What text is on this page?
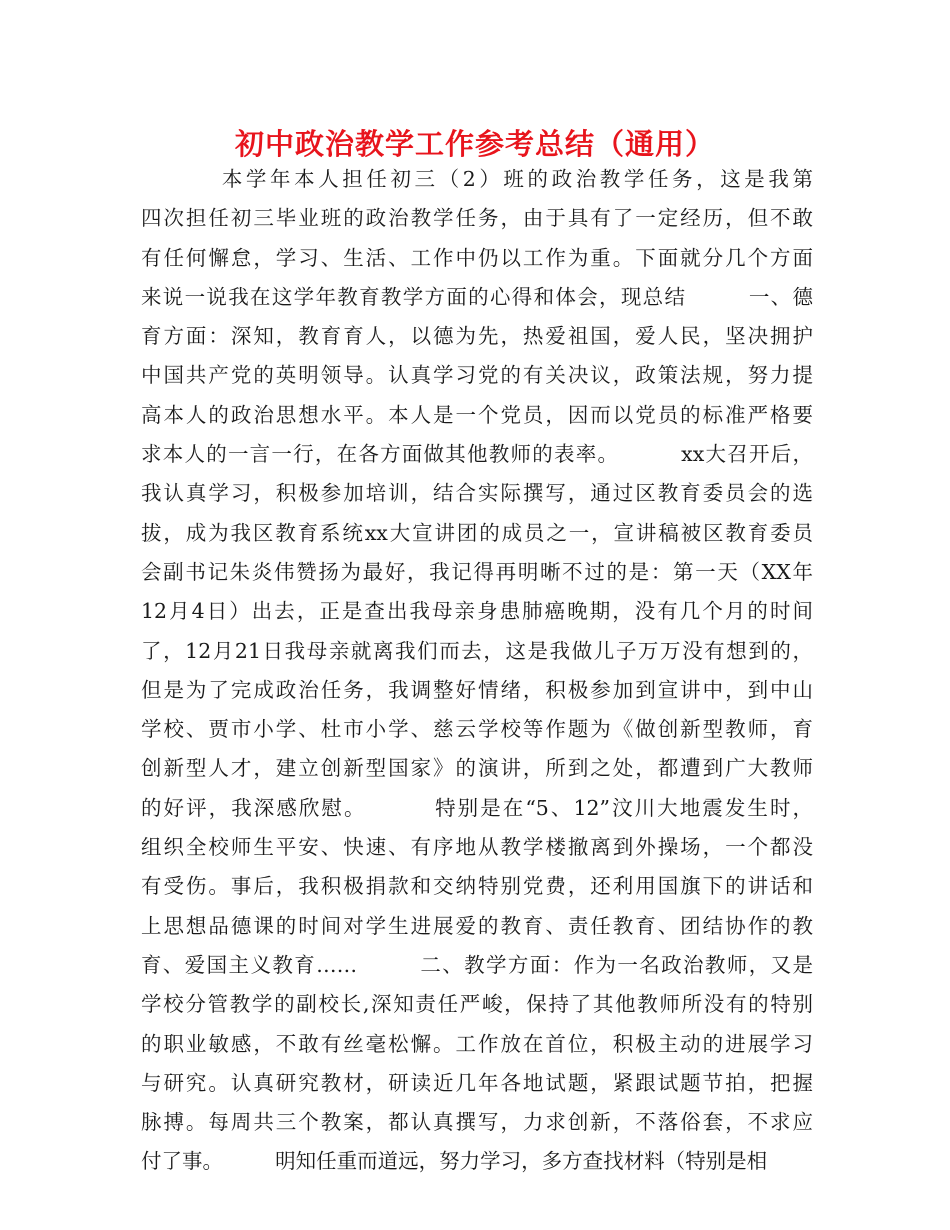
初中政治教学工作参考总结（通用）
本学年本人担任初三（2）班的政治教学任务，这是我第
四次担任初三毕业班的政治教学任务，由于具有了一定经历，但不敢
有任何懈怠，学习、生活、工作中仍以工作为重。下面就分几个方面
来说一说我在这学年教育教学方面的心得和体会，现总结        一、德
育方面：深知，教育育人，以德为先，热爱祖国，爱人民，坚决拥护
中国共产党的英明领导。认真学习党的有关决议，政策法规，努力提
高本人的政治思想水平。本人是一个党员，因而以党员的标准严格要
求本人的一言一行，在各方面做其他教师的表率。        xx大召开后，
我认真学习，积极参加培训，结合实际撰写，通过区教育委员会的选
拔，成为我区教育系统xx大宣讲团的成员之一，宣讲稿被区教育委员
会副书记朱炎伟赞扬为最好，我记得再明晰不过的是：第一天（XX年
12月4日）出去，正是查出我母亲身患肺癌晚期，没有几个月的时间
了，12月21日我母亲就离我们而去，这是我做儿子万万没有想到的，
但是为了完成政治任务，我调整好情绪，积极参加到宣讲中，到中山
学校、贾市小学、杜市小学、慈云学校等作题为《做创新型教师，育
创新型人才，建立创新型国家》的演讲，所到之处，都遭到广大教师
的好评，我深感欣慰。        特别是在“5、12”汶川大地震发生时，
组织全校师生平安、快速、有序地从教学楼撤离到外操场，一个都没
有受伤。事后，我积极捐款和交纳特别党费，还利用国旗下的讲话和
上思想品德课的时间对学生进展爱的教育、责任教育、团结协作的教
育、爱国主义教育……        二、教学方面：作为一名政治教师，又是
学校分管教学的副校长,深知责任严峻，保持了其他教师所没有的特别
的职业敏感，不敢有丝毫松懈。工作放在首位，积极主动的进展学习
与研究。认真研究教材，研读近几年各地试题，紧跟试题节拍，把握
脉搏。每周共三个教案，都认真撰写，力求创新，不落俗套，不求应
付了事。        明知任重而道远，努力学习，多方查找材料（特别是相
